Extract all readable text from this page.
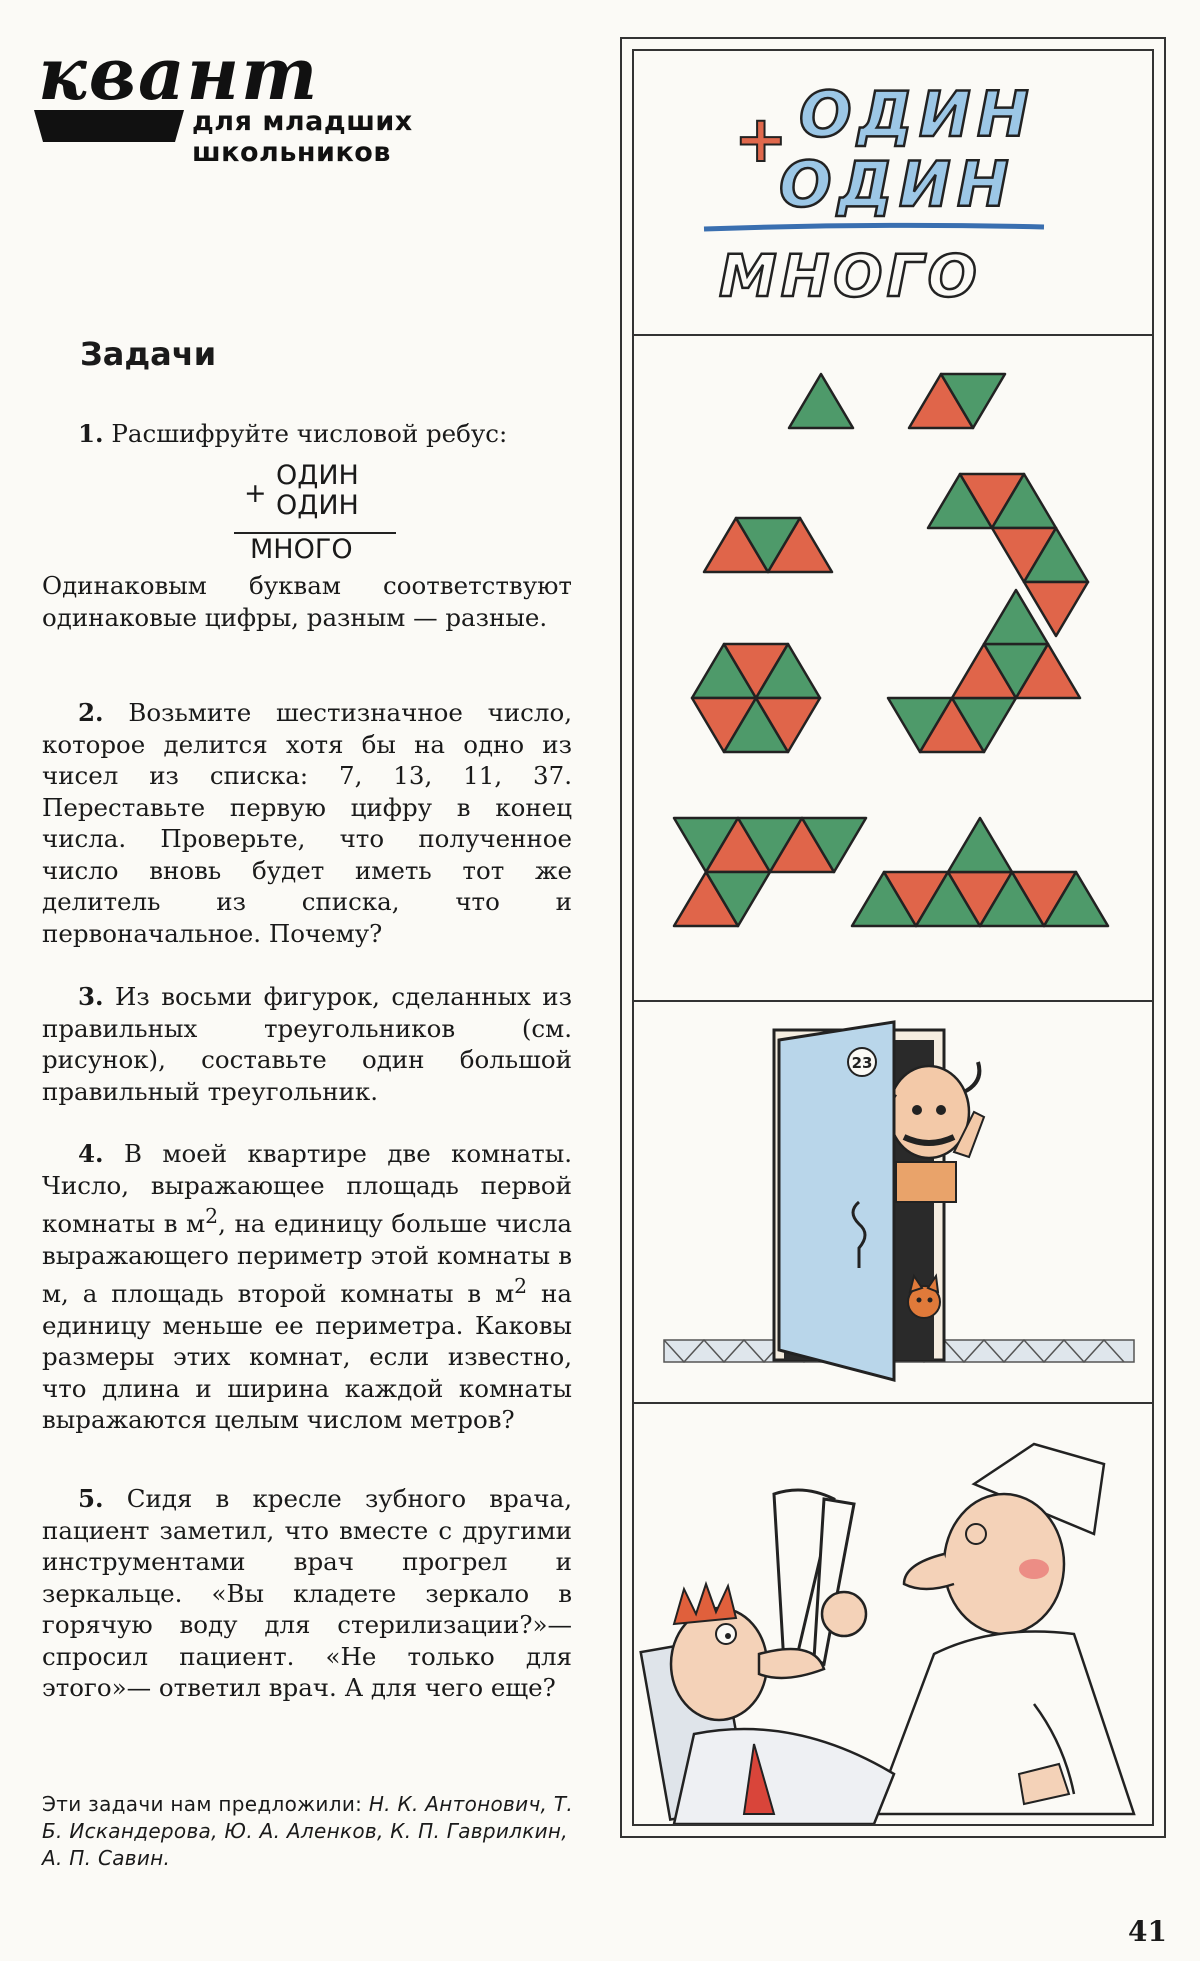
квант
для младших школьников
Задачи

1. Расшифруйте числовой ребус:

+
ОДИН
ОДИН
МНОГО

Одинаковым буквам соответствуют одинаковые цифры, разным — разные.

2. Возьмите шестизначное число, которое делится хотя бы на одно из чисел из списка: 7, 13, 11, 37. Переставьте первую цифру в конец числа. Проверьте, что полученное число вновь будет иметь тот же делитель из списка, что и первоначальное. Почему?

3. Из восьми фигурок, сделанных из правильных треугольников (см. рисунок), составьте один большой правильный треугольник.

4. В моей квартире две комнаты. Число, выражающее площадь первой комнаты в $м^2$, на единицу больше числа выражающего периметр этой комнаты в м, а площадь второй комнаты в $м^2$ на единицу меньше ее периметра. Каковы размеры этих комнат, если известно, что длина и ширина каждой комнаты выражаются целым числом метров?

5. Сидя в кресле зубного врача, пациент заметил, что вместе с другими инструментами врач прогрел и зеркальце. «Вы кладете зеркало в горячую воду для стерилизации?»— спросил пациент. «Не только для этого»— ответил врач. А для чего еще?

Эти задачи нам предложили: Н. К. Антонович, Т. Б. Искандерова, Ю. А. Аленков, К. П. Гаврилкин, А. П. Савин.
41
+ ОДИН
ОДИН
МНОГО
23
